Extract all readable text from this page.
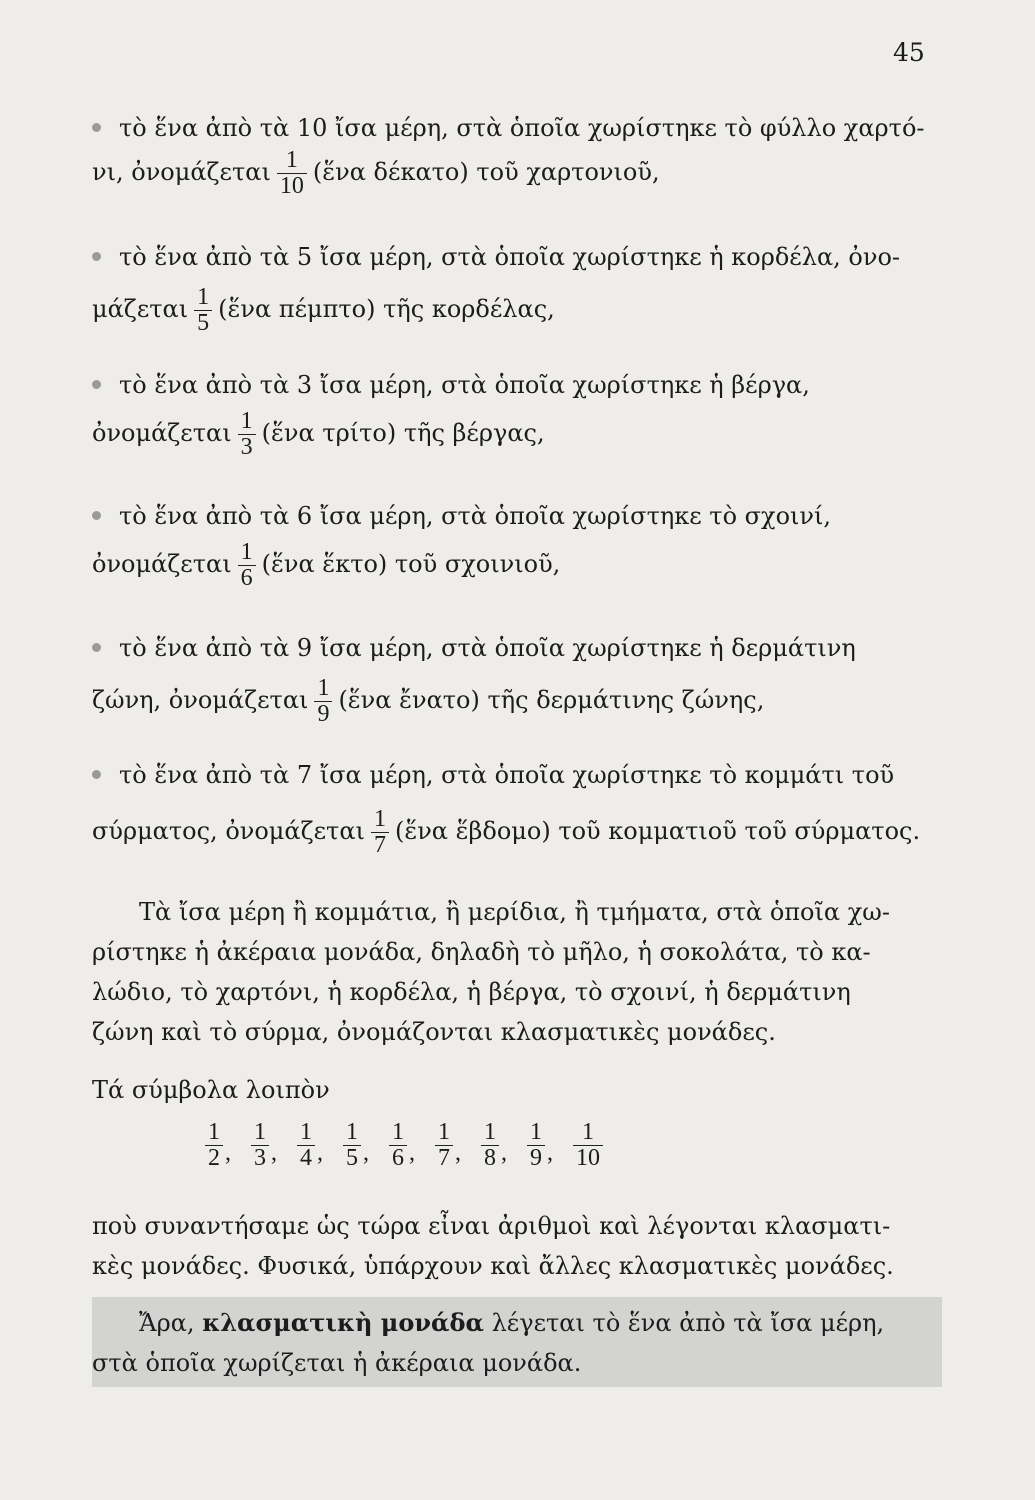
45
τὸ ἕνα ἀπὸ τὰ 10 ἴσα μέρη, στὰ ὁποῖα χωρίστηκε τὸ φύλλο χαρτό-
νι, ὀνομάζεται $\frac{1}{10}$ (ἕνα δέκατο) τοῦ χαρτονιοῦ,
τὸ ἕνα ἀπὸ τὰ 5 ἴσα μέρη, στὰ ὁποῖα χωρίστηκε ἡ κορδέλα, ὀνο-
μάζεται $\frac{1}{5}$ (ἕνα πέμπτο) τῆς κορδέλας,
τὸ ἕνα ἀπὸ τὰ 3 ἴσα μέρη, στὰ ὁποῖα χωρίστηκε ἡ βέργα,
ὀνομάζεται $\frac{1}{3}$ (ἕνα τρίτο) τῆς βέργας,
τὸ ἕνα ἀπὸ τὰ 6 ἴσα μέρη, στὰ ὁποῖα χωρίστηκε τὸ σχοινί,
ὀνομάζεται $\frac{1}{6}$ (ἕνα ἕκτο) τοῦ σχοινιοῦ,
τὸ ἕνα ἀπὸ τὰ 9 ἴσα μέρη, στὰ ὁποῖα χωρίστηκε ἡ δερμάτινη
ζώνη, ὀνομάζεται $\frac{1}{9}$ (ἕνα ἔνατο) τῆς δερμάτινης ζώνης,
τὸ ἕνα ἀπὸ τὰ 7 ἴσα μέρη, στὰ ὁποῖα χωρίστηκε τὸ κομμάτι τοῦ
σύρματος, ὀνομάζεται $\frac{1}{7}$ (ἕνα ἕβδομο) τοῦ κομματιοῦ τοῦ σύρματος.
Τὰ ἴσα μέρη ἢ κομμάτια, ἢ μερίδια, ἢ τμήματα, στὰ ὁποῖα χω-
ρίστηκε ἡ ἀκέραια μονάδα, δηλαδὴ τὸ μῆλο, ἡ σοκολάτα, τὸ κα-
λώδιο, τὸ χαρτόνι, ἡ κορδέλα, ἡ βέργα, τὸ σχοινί, ἡ δερμάτινη
ζώνη καὶ τὸ σύρμα, ὀνομάζονται κλασματικὲς μονάδες.
Τά σύμβολα λοιπὸν
$\frac{1}{2}$ , $\frac{1}{3}$ , $\frac{1}{4}$ , $\frac{1}{5}$ , $\frac{1}{6}$ , $\frac{1}{7}$ , $\frac{1}{8}$ , $\frac{1}{9}$ , $\frac{1}{10}$
ποὺ συναντήσαμε ὡς τώρα εἶναι ἀριθμοὶ καὶ λέγονται κλασματι-
κὲς μονάδες. Φυσικά, ὑπάρχουν καὶ ἄλλες κλασματικὲς μονάδες.
Ἄρα, κλασματικὴ μονάδα λέγεται τὸ ἕνα ἀπὸ τὰ ἴσα μέρη,
στὰ ὁποῖα χωρίζεται ἡ ἀκέραια μονάδα.
